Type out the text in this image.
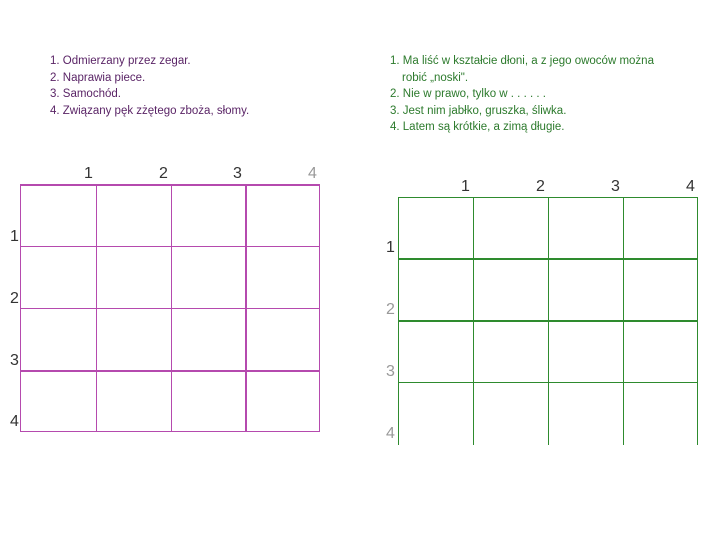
1. Odmierzany przez zegar.
2. Naprawia piece.
3. Samochód.
4. Związany pęk zżętego zboża, słomy.
1. Ma liść w kształcie dłoni, a z jego owoców można
robić „noski".
2. Nie w prawo, tylko w . . . . . .
3. Jest nim jabłko, gruszka, śliwka.
4. Latem są krótkie, a zimą długie.
1	2	3	4
1
2
3
4
1	2	3	4
1
2
3
4
